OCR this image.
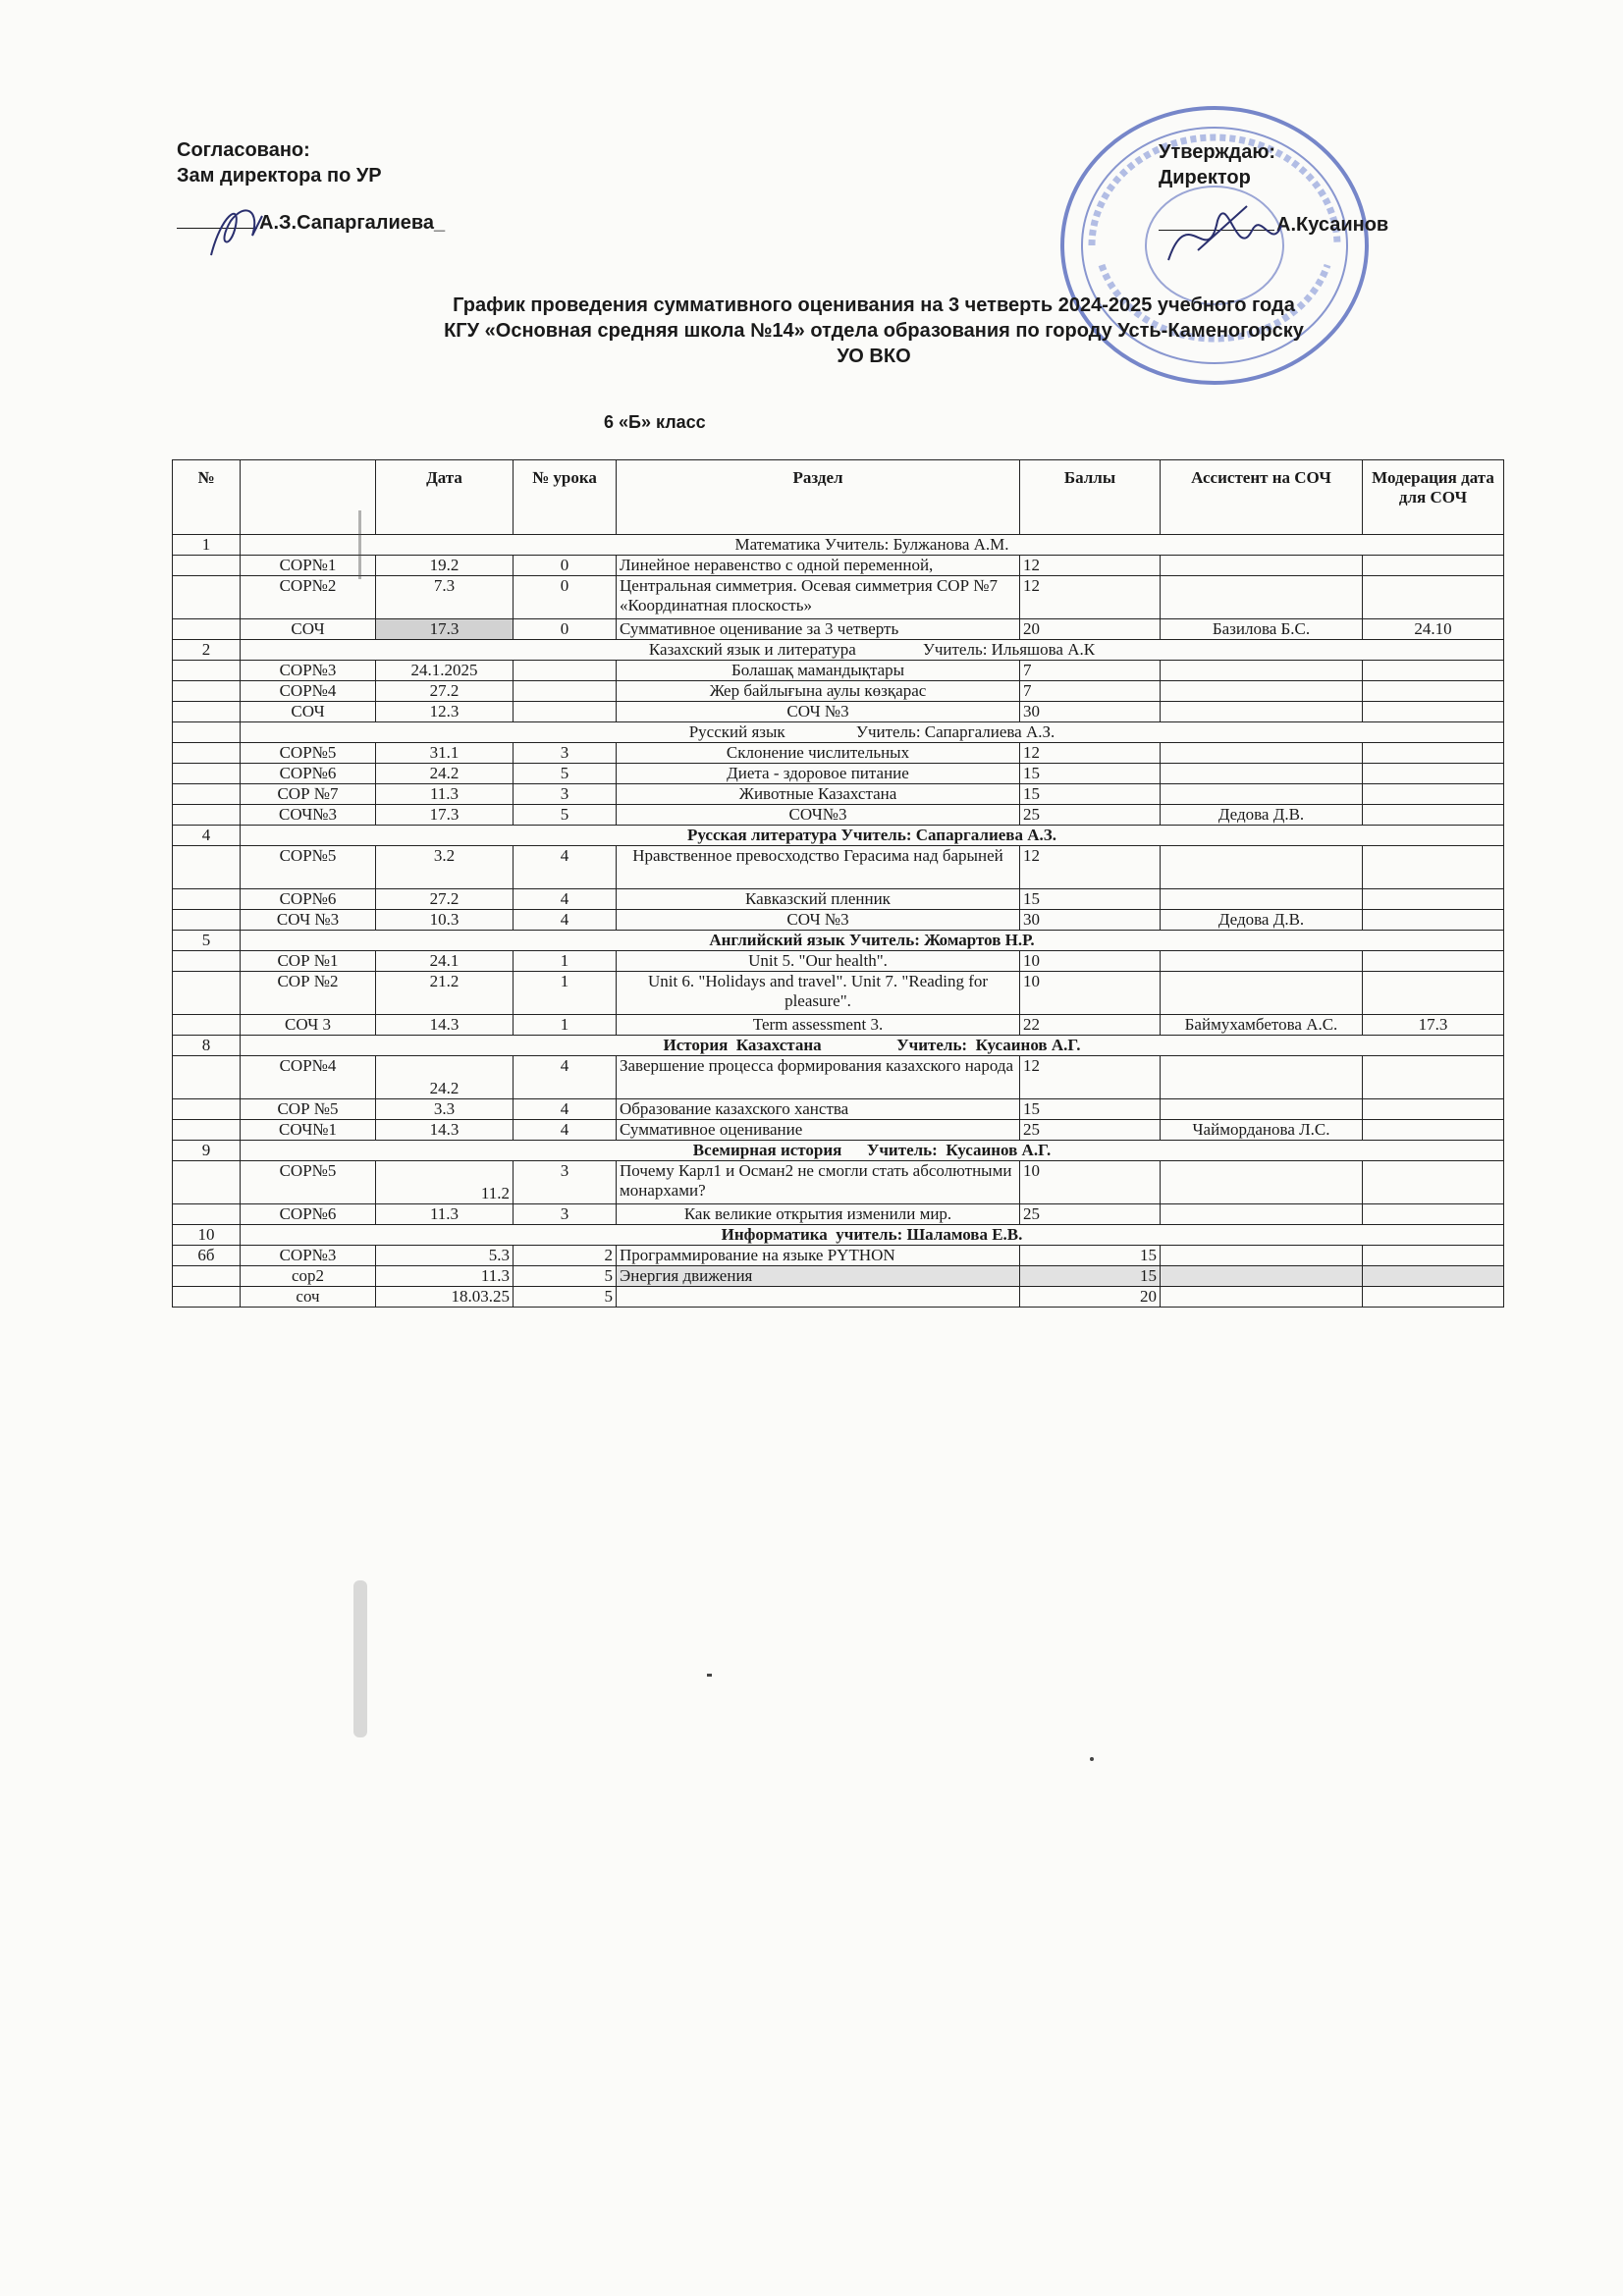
Согласовано:
Зам директора по УР
А.З.Сапаргалиева_
Утверждаю:
Директор
А.Кусаинов
График проведения суммативного оценивания на 3 четверть 2024-2025 учебного года
КГУ «Основная средняя школа №14» отдела образования по городу Усть-Каменогорску
УО ВКО
6 «Б» класс
№		Дата	№ урока	Раздел	Баллы	Ассистент на СОЧ	Модерация дата для СОЧ
1	Математика Учитель: Булжанова А.М.						
	СОР№1	19.2	0	Линейное неравенство с одной переменной,	12		
	СОР№2	7.3	0	Центральная симметрия. Осевая симметрия СОР №7 «Координатная плоскость»	12		
	СОЧ	17.3	0	Суммативное оценивание за 3 четверть	20	Базилова Б.С.	24.10
2	Казахский язык и литература                Учитель: Ильяшова А.К						
	СОР№3	24.1.2025		Болашақ мамандықтары	7		
	СОР№4	27.2		Жер байлығына аулы көзқарас	7		
	СОЧ	12.3		СОЧ №3	30		
	Русский язык                 Учитель: Сапаргалиева А.З.						
	СОР№5	31.1	3	Склонение числительных	12		
	СОР№6	24.2	5	Диета - здоровое питание	15		
	СОР №7	11.3	3	Животные Казахстана	15		
	СОЧ№3	17.3	5	СОЧ№3	25	Дедова Д.В.	
4	Русская литература Учитель: Сапаргалиева А.З.						
	СОР№5	3.2	4	Нравственное превосходство Герасима над барыней	12		
	СОР№6	27.2	4	Кавказский пленник	15		
	СОЧ №3	10.3	4	СОЧ №3	30	Дедова Д.В.	
5	Английский язык Учитель: Жомартов Н.Р.						
	СОР №1	24.1	1	Unit 5. "Our health".	10		
	СОР №2	21.2	1	Unit 6. "Holidays and travel". Unit 7. "Reading for pleasure".	10		
	СОЧ 3	14.3	1	Term assessment 3.	22	Баймухамбетова А.С.	17.3
8	История  Казахстана                  Учитель:  Кусаинов А.Г.						
	СОР№4	24.2	4	Завершение процесса формирования казахского народа	12		
	СОР №5	3.3	4	Образование казахского ханства	15		
	СОЧ№1	14.3	4	Суммативное оценивание	25	Чайморданова Л.С.	
9	Всемирная история      Учитель:  Кусаинов А.Г.						
	СОР№5	11.2	3	Почему Карл1 и Осман2 не смогли стать абсолютными монархами?	10		
	СОР№6	11.3	3	Как великие открытия изменили мир.	25		
10	Информатика  учитель: Шаламова Е.В.						
6б	СОР№3	5.3	2	Программирование на языке PYTHON	15		
	сор2	11.3	5	Энергия движения	15		
	соч	18.03.25	5		20		
